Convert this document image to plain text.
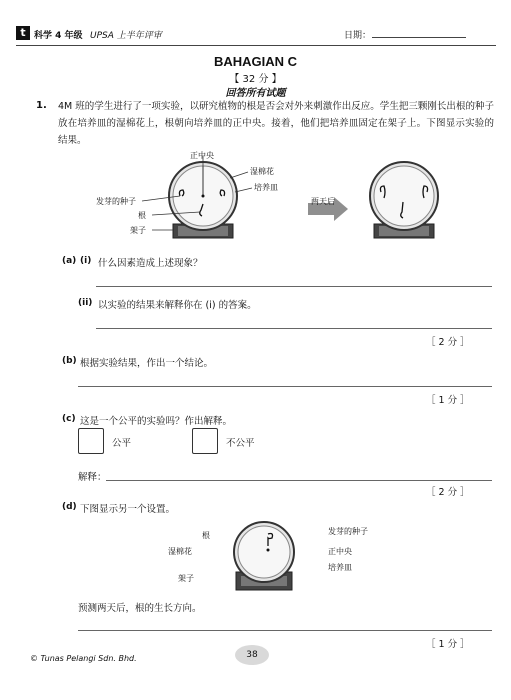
t 科学 4 年级 UPSA 上半年评审	日期：
BAHAGIAN C
【 32 分 】
回答所有试题
1. 4M 班的学生进行了一项实验，以研究植物的根是否会对外来刺激作出反应。学生把三颗刚长出根的种子放在培养皿的湿棉花上，根朝向培养皿的正中央。接着，他们把培养皿固定在架子上。下图显示实验的结果。
正中央
湿棉花
培养皿
发芽的种子
根
架子
两天后
(a) (i) 什么因素造成上述现象？
(ii) 以实验的结果来解释你在 (i) 的答案。
［ 2 分 ］
(b) 根据实验结果，作出一个结论。
［ 1 分 ］
(c) 这是一个公平的实验吗？作出解释。
公平	不公平
解释：
［ 2 分 ］
(d) 下图显示另一个设置。
根
湿棉花
架子
发芽的种子
正中央
培养皿
预测两天后，根的生长方向。
［ 1 分 ］
© Tunas Pelangi Sdn. Bhd.	38
